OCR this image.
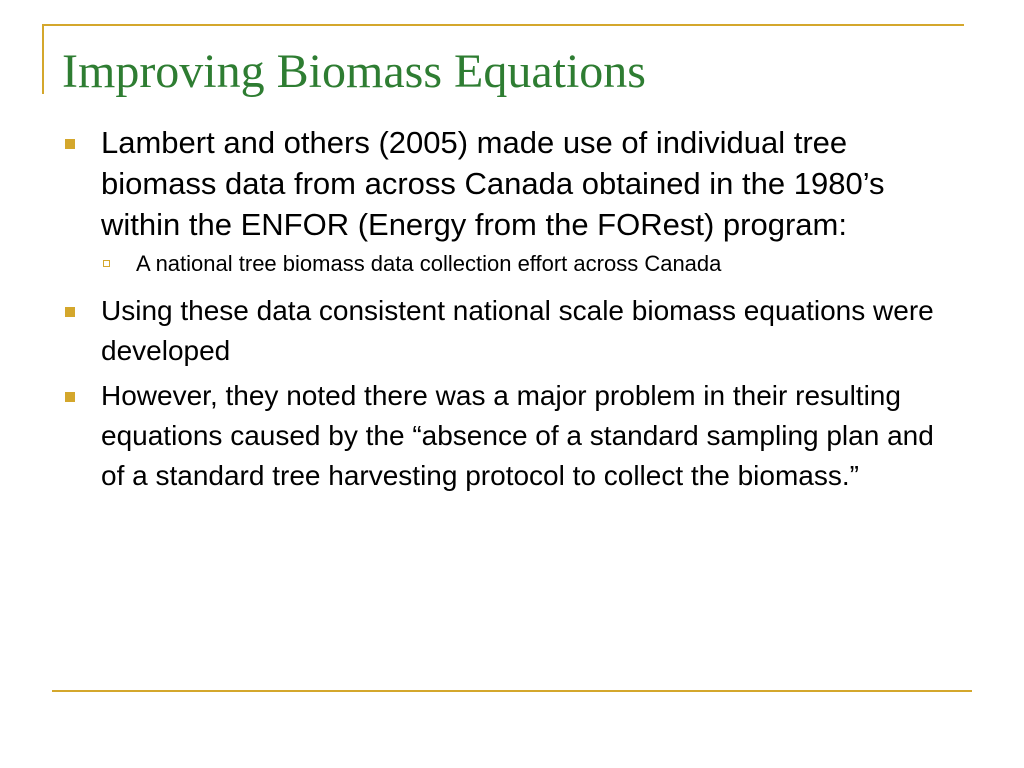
Improving Biomass Equations
Lambert and others (2005) made use of individual tree biomass data from across Canada obtained in the 1980’s within the ENFOR (Energy from the FORest) program:
A national tree biomass data collection effort across Canada
Using these data consistent national scale biomass equations were developed
However, they noted there was a major problem in their resulting equations caused by the “absence of a standard sampling plan and of a standard tree harvesting protocol to collect the biomass.”
